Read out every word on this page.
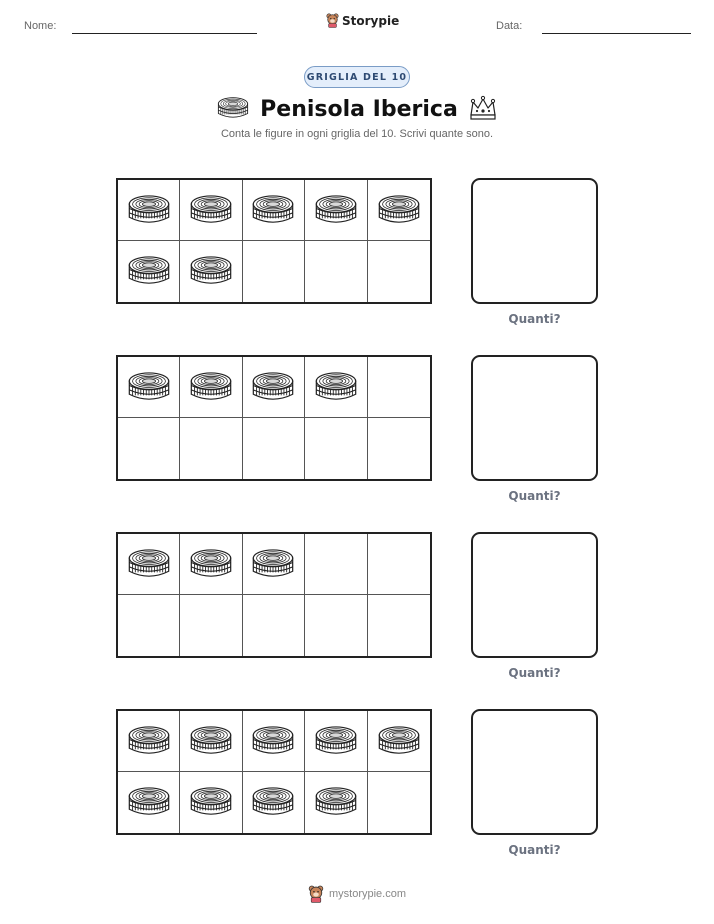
Nome:	Storypie	Data:
GRIGLIA DEL 10
Penisola Iberica
Conta le figure in ogni griglia del 10. Scrivi quante sono.
Quanti?
Quanti?
Quanti?
Quanti?
mystorypie.com
